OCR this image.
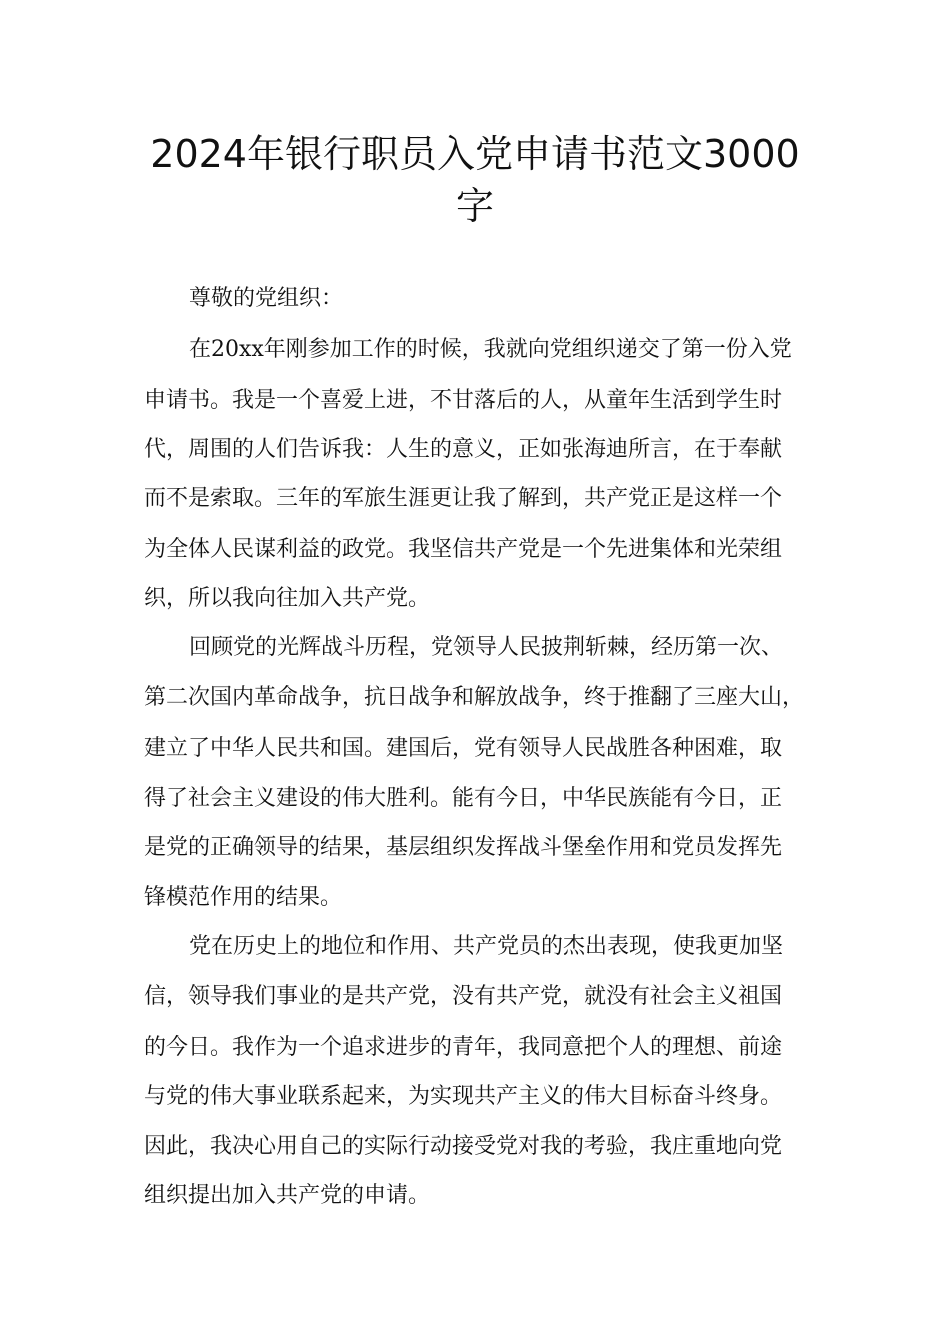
2024年银行职员入党申请书范文3000
字
尊敬的党组织：
在20xx年刚参加工作的时候，我就向党组织递交了第一份入党
申请书。我是一个喜爱上进，不甘落后的人，从童年生活到学生时
代，周围的人们告诉我：人生的意义，正如张海迪所言，在于奉献
而不是索取。三年的军旅生涯更让我了解到，共产党正是这样一个
为全体人民谋利益的政党。我坚信共产党是一个先进集体和光荣组
织，所以我向往加入共产党。
回顾党的光辉战斗历程，党领导人民披荆斩棘，经历第一次、
第二次国内革命战争，抗日战争和解放战争，终于推翻了三座大山，
建立了中华人民共和国。建国后，党有领导人民战胜各种困难，取
得了社会主义建设的伟大胜利。能有今日，中华民族能有今日，正
是党的正确领导的结果，基层组织发挥战斗堡垒作用和党员发挥先
锋模范作用的结果。
党在历史上的地位和作用、共产党员的杰出表现，使我更加坚
信，领导我们事业的是共产党，没有共产党，就没有社会主义祖国
的今日。我作为一个追求进步的青年，我同意把个人的理想、前途
与党的伟大事业联系起来，为实现共产主义的伟大目标奋斗终身。
因此，我决心用自己的实际行动接受党对我的考验，我庄重地向党
组织提出加入共产党的申请。
